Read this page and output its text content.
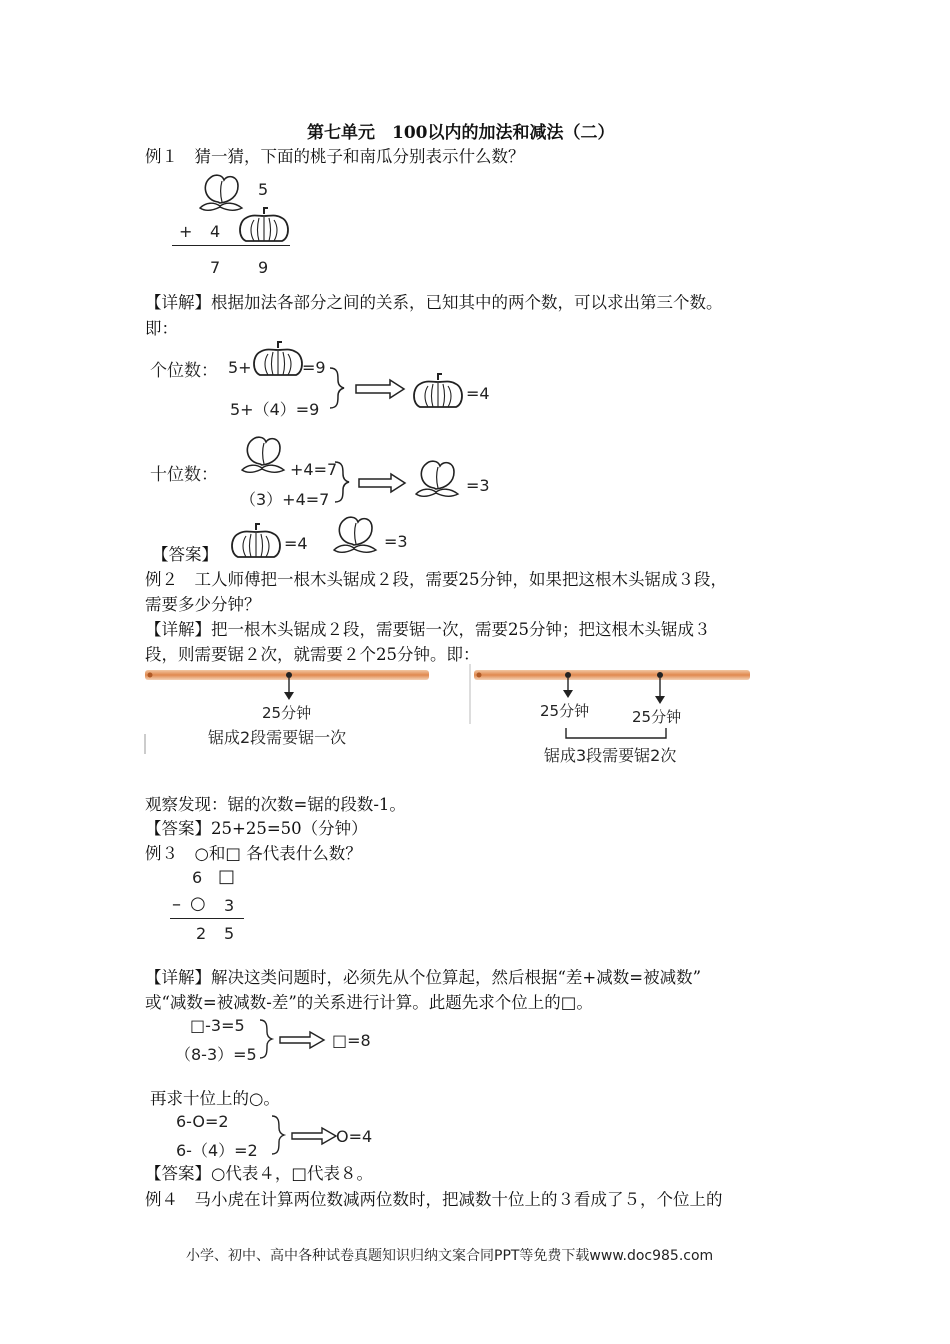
第七单元　100以内的加法和减法（二）
例１　猜一猜，下面的桃子和南瓜分别表示什么数？
5
+ 4
7 9
【详解】根据加法各部分之间的关系，已知其中的两个数，可以求出第三个数。
即：
个位数： 5+	=9
5+（4）=9
=4
十位数：	+4=7
（3）+4=7
=3
【答案】
=4	=3
例２　工人师傅把一根木头锯成２段，需要25分钟，如果把这根木头锯成３段，
需要多少分钟？
【详解】把一根木头锯成２段，需要锯一次，需要25分钟；把这根木头锯成３
段，则需要锯２次，就需要２个25分钟。即：
25分钟
锯成2段需要锯一次
25分钟	25分钟
锯成3段需要锯2次
观察发现：锯的次数=锯的段数-1。
【答案】25+25=50（分钟）
例３　○和□ 各代表什么数？
6 □
– ○ 3
2 5
【详解】解决这类问题时，必须先从个位算起，然后根据“差+减数=被减数”
或“减数=被减数-差”的关系进行计算。此题先求个位上的□。
□-3=5
（8-3）=5
□=8
再求十位上的○。
6-O=2
6-（4）=2
O=4
【答案】○代表４，□代表８。
例４　马小虎在计算两位数减两位数时，把减数十位上的３看成了５，个位上的
小学、初中、高中各种试卷真题知识归纳文案合同PPT等免费下载www.doc985.com
